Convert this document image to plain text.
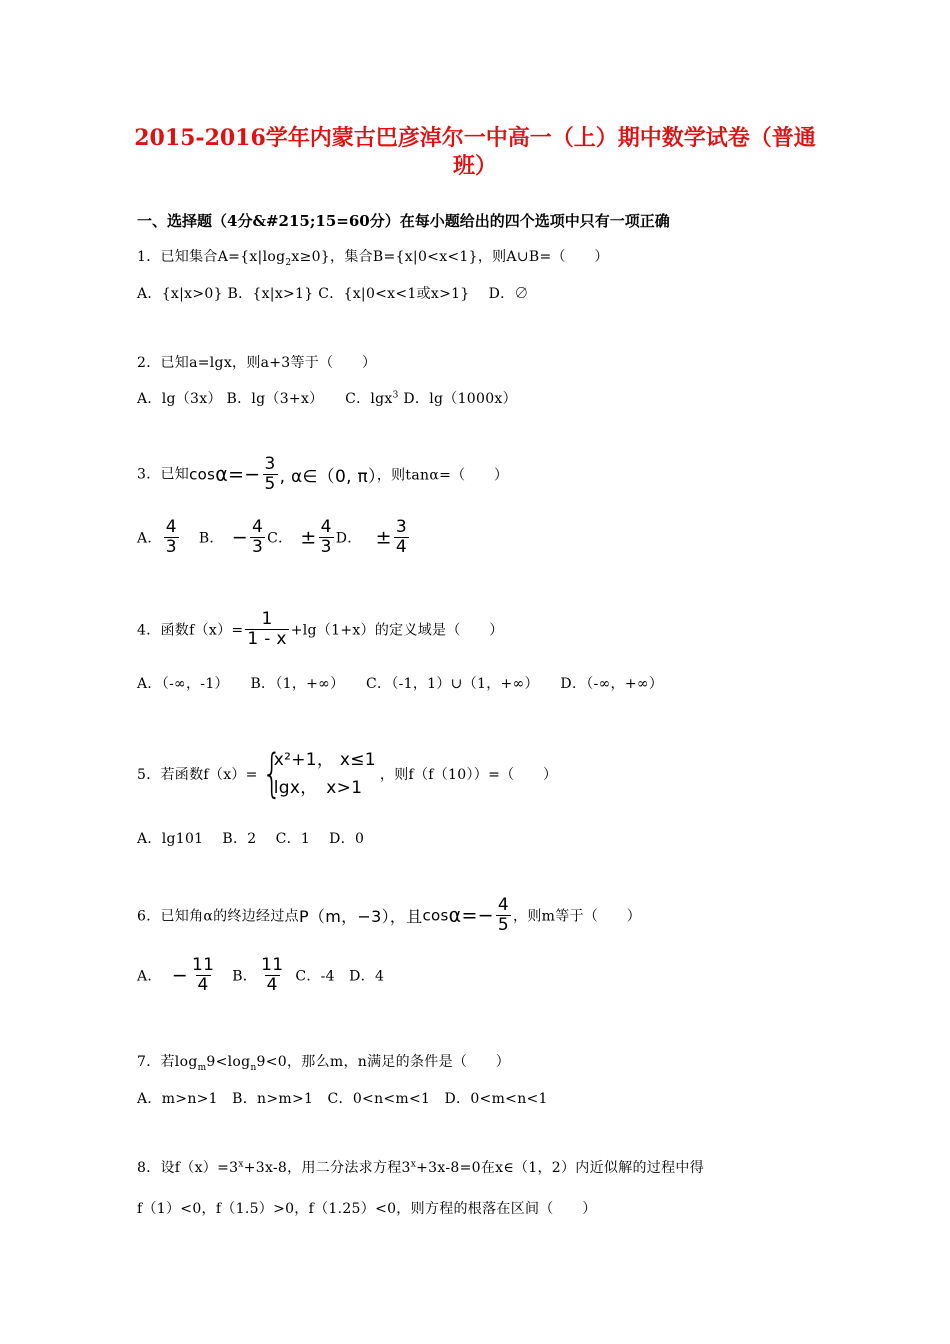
2015-2016学年内蒙古巴彦淖尔一中高一（上）期中数学试卷（普通班）
一、选择题（4分&#215;15=60分）在每小题给出的四个选项中只有一项正确
1．已知集合$A=\{x|\log_2x\ge 0\}$，集合B={x|0<x<1}，则A∪B=（　　）
A．{x|x>0} B．{x|x>1} C．{x|0<x<1或x>1}　 D．∅
2．已知a=lgx，则a+3等于（　　）
A．lg（3x） B．lg（3+x）　　C．lgx$^3$ D．lg（1000x）
3．已知$\cos\alpha=- \frac{3}{5}$ , α∈（0, π），则tanα=（　　）
A． $\frac{4}{3}$ B． − $\frac{4}{3}$ C． ± $\frac{4}{3}$ D． ± $\frac{3}{4}$
4．函数$f(x)= \frac{1}{1 - x} +\lg(1+x)$的定义域是（　　）
A．（-∞，-1）　　B．（1，+∞）　　C．（-1，1）∪（1，+∞）　　D．（-∞，+∞）
5．若函数f（x）= {
x²+1， x≤1
lgx，　x>1
，则f（f（10））=（　　）
A．lg101　 B．2　 C．1　 D．0
6．已知角α的终边经过点P（m，−3），且$\cos\alpha=- \frac{4}{5}$ ，则m等于（　　）
A． − $\frac{11}{4}$ B． $\frac{11}{4}$ C．-4　D．4
7．若$\log_m9<\log_n9<0$，那么m，n满足的条件是（　　）
A．m>n>1　B．n>m>1　C．0<n<m<1　D．0<m<n<1
8．设$f(x)=3^x+3x-8$，用二分法求方程$3^x+3x-8=0$在x∈（1，2）内近似解的过程中得
f（1）<0，f（1.5）>0，f（1.25）<0，则方程的根落在区间（　　）
